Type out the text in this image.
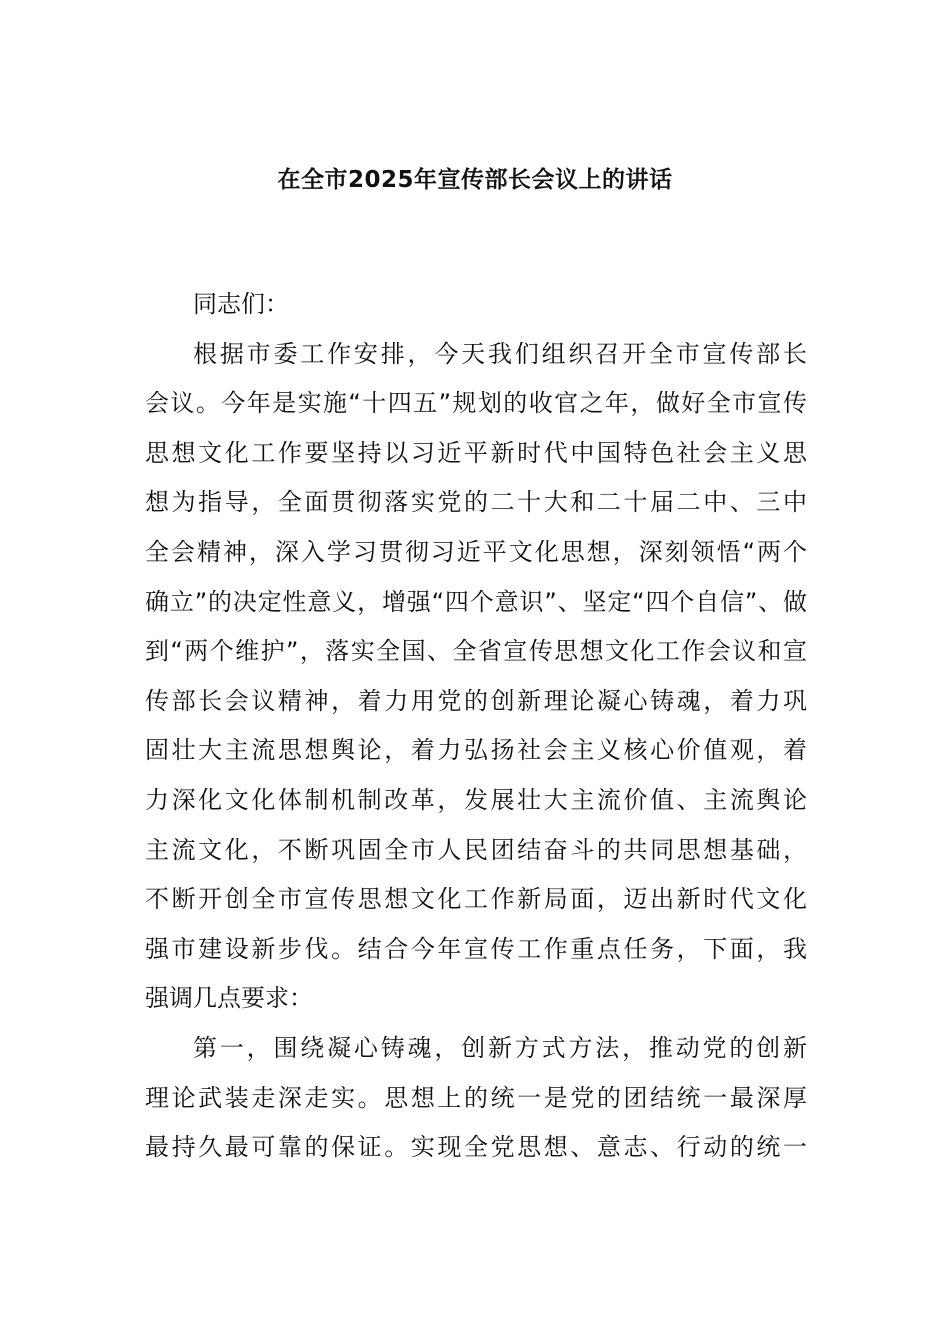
在全市2025年宣传部长会议上的讲话

同志们：

根据市委工作安排，今天我们组织召开全市宣传部长
会议。今年是实施“十四五”规划的收官之年，做好全市宣传
思想文化工作要坚持以习近平新时代中国特色社会主义思
想为指导，全面贯彻落实党的二十大和二十届二中、三中
全会精神，深入学习贯彻习近平文化思想，深刻领悟“两个
确立”的决定性意义，增强“四个意识”、坚定“四个自信”、做
到“两个维护”，落实全国、全省宣传思想文化工作会议和宣
传部长会议精神，着力用党的创新理论凝心铸魂，着力巩
固壮大主流思想舆论，着力弘扬社会主义核心价值观，着
力深化文化体制机制改革，发展壮大主流价值、主流舆论
主流文化，不断巩固全市人民团结奋斗的共同思想基础，
不断开创全市宣传思想文化工作新局面，迈出新时代文化
强市建设新步伐。结合今年宣传工作重点任务，下面，我
强调几点要求：

第一，围绕凝心铸魂，创新方式方法，推动党的创新
理论武装走深走实。思想上的统一是党的团结统一最深厚
最持久最可靠的保证。实现全党思想、意志、行动的统一
